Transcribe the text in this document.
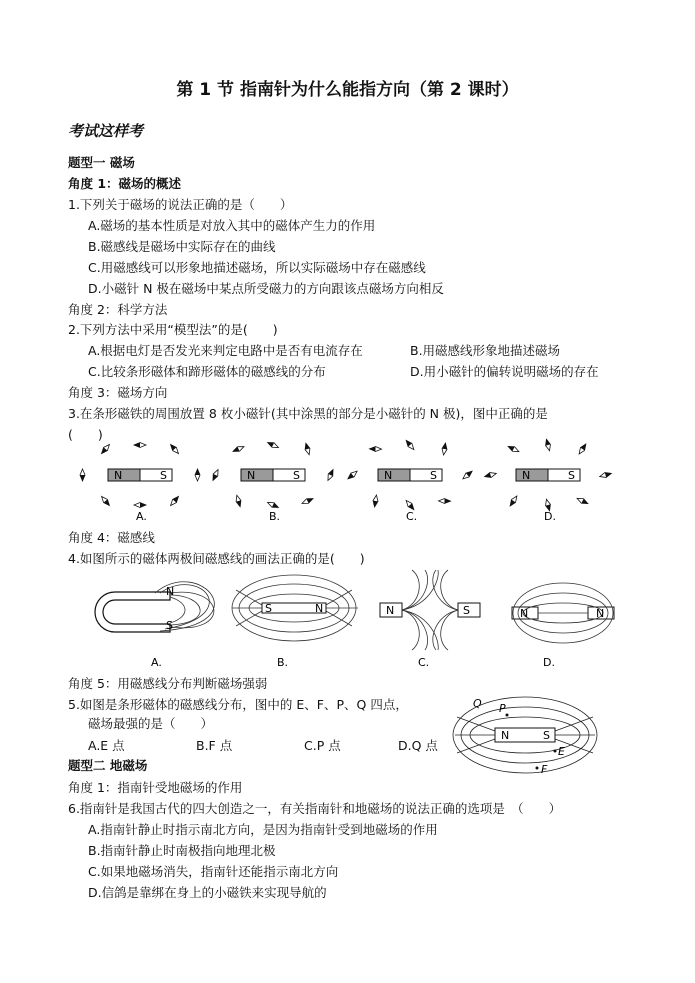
第 1 节 指南针为什么能指方向（第 2 课时）
考试这样考
题型一 磁场
角度 1：磁场的概述
1.下列关于磁场的说法正确的是（　　）
A.磁场的基本性质是对放入其中的磁体产生力的作用
B.磁感线是磁场中实际存在的曲线
C.用磁感线可以形象地描述磁场，所以实际磁场中存在磁感线
D.小磁针 N 极在磁场中某点所受磁力的方向跟该点磁场方向相反
角度 2：科学方法
2.下列方法中采用“模型法”的是(　　)
A.根据电灯是否发光来判定电路中是否有电流存在	B.用磁感线形象地描述磁场
C.比较条形磁体和蹄形磁体的磁感线的分布	D.用小磁针的偏转说明磁场的存在
角度 3：磁场方向
3.在条形磁铁的周围放置 8 枚小磁针(其中涂黑的部分是小磁针的 N 极)，图中正确的是
(　　)
N	S
A.
N	S
B.
N	S
C.
N	S
D.
角度 4：磁感线
4.如图所示的磁体两极间磁感线的画法正确的是(　　)
N
S
A.
S	N
B.
N	S
C.
N	N
D.
角度 5：用磁感线分布判断磁场强弱
5.如图是条形磁体的磁感线分布，图中的 E、F、P、Q 四点，
磁场最强的是（　　）
A.E 点	B.F 点	C.P 点	D.Q 点
N	S
Q P
E
F
题型二 地磁场
角度 1：指南针受地磁场的作用
6.指南针是我国古代的四大创造之一，有关指南针和地磁场的说法正确的选项是　（　　）
A.指南针静止时指示南北方向，是因为指南针受到地磁场的作用
B.指南针静止时南极指向地理北极
C.如果地磁场消失，指南针还能指示南北方向
D.信鸽是靠绑在身上的小磁铁来实现导航的
